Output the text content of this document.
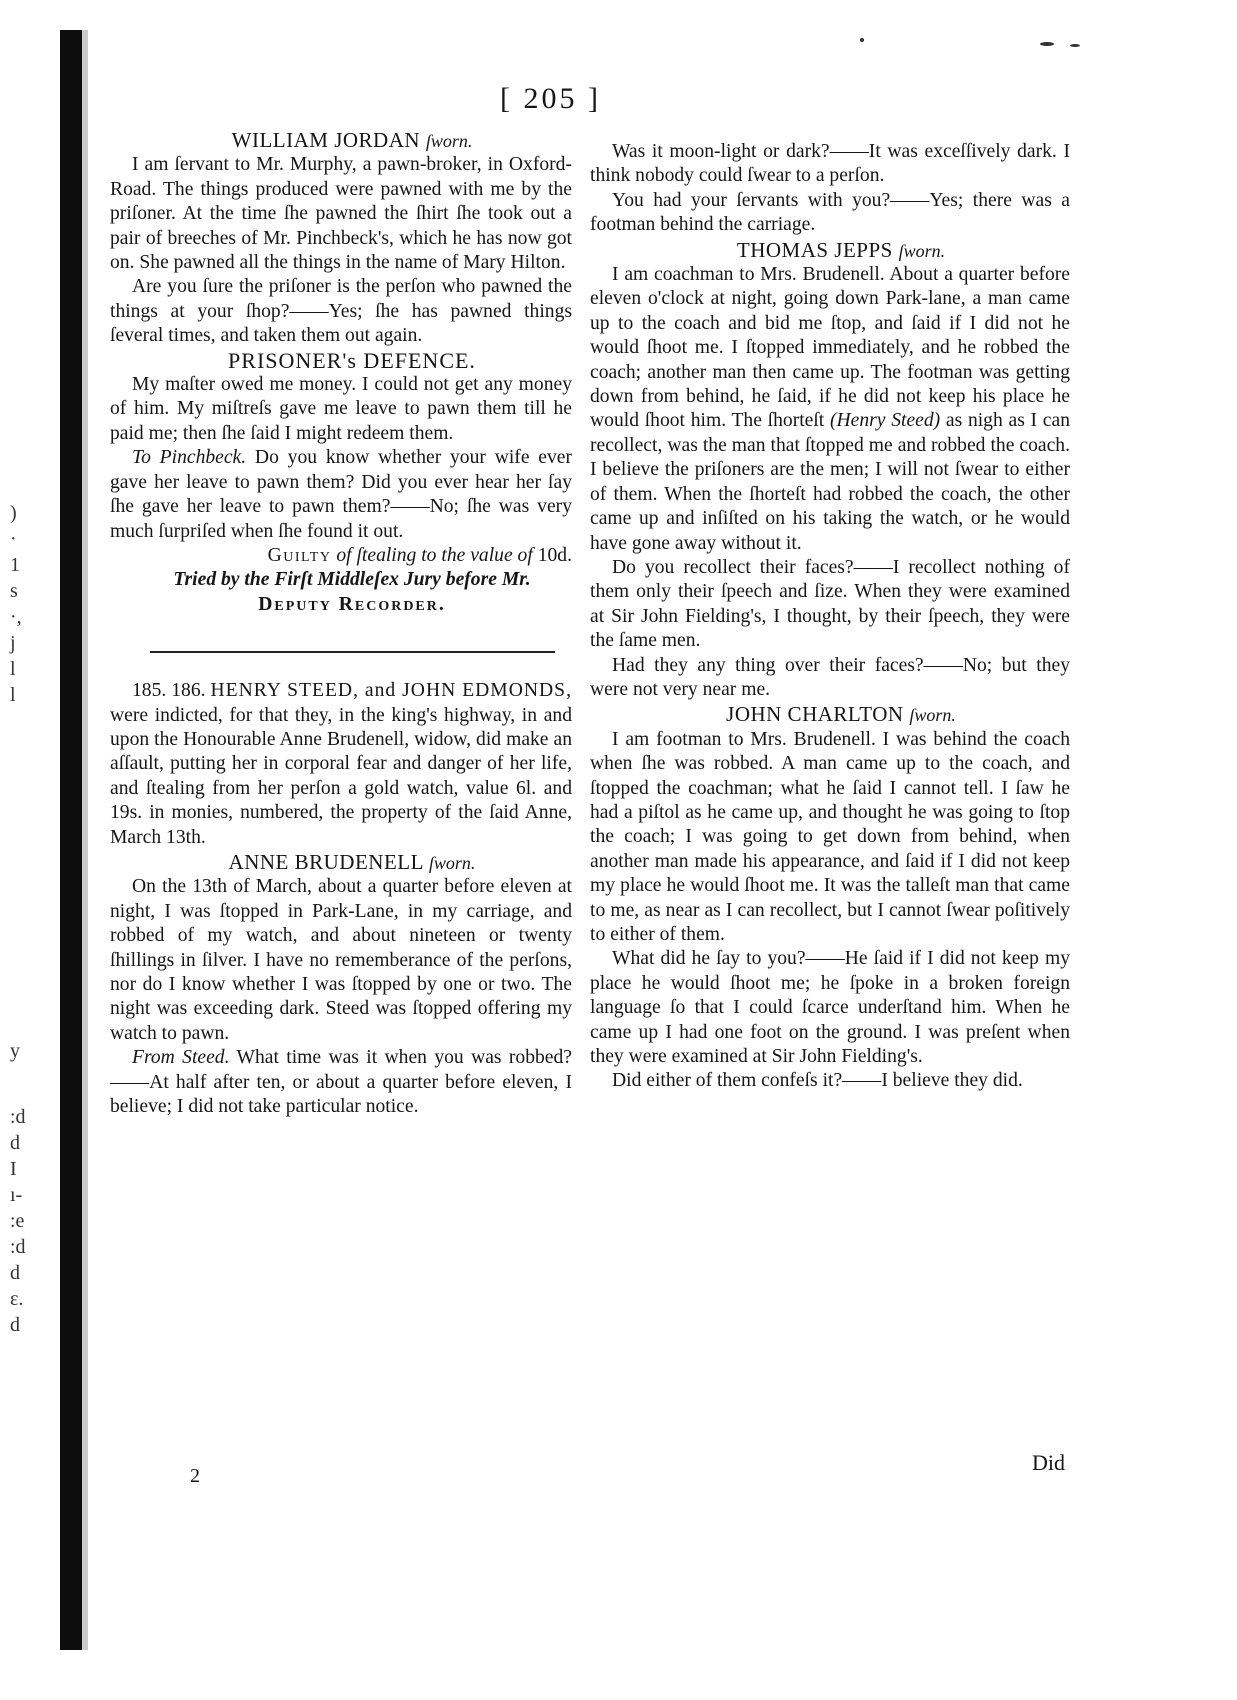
)
·
1
s
·,
j
l
l
y
:d
d
I
ı-
:e
:d
d
ε.
d
[ 205 ]

WILLIAM JORDAN ſworn.

I am ſervant to Mr. Murphy, a pawn-broker, in Oxford-Road. The things produced were pawned with me by the priſoner. At the time ſhe pawned the ſhirt ſhe took out a pair of breeches of Mr. Pinchbeck's, which he has now got on. She pawned all the things in the name of Mary Hilton.

Are you ſure the priſoner is the perſon who pawned the things at your ſhop?——Yes; ſhe has pawned things ſeveral times, and taken them out again.

PRISONER's DEFENCE.

My maſter owed me money. I could not get any money of him. My miſtreſs gave me leave to pawn them till he paid me; then ſhe ſaid I might redeem them.

To Pinchbeck. Do you know whether your wife ever gave her leave to pawn them? Did you ever hear her ſay ſhe gave her leave to pawn them?——No; ſhe was very much ſurpriſed when ſhe found it out.

Guilty of ſtealing to the value of 10d.

Tried by the Firſt Middleſex Jury before Mr.
Deputy Recorder.

185. 186. HENRY STEED, and JOHN EDMONDS, were indicted, for that they, in the king's highway, in and upon the Honourable Anne Brudenell, widow, did make an aſſault, putting her in corporal fear and danger of her life, and ſtealing from her perſon a gold watch, value 6l. and 19s. in monies, numbered, the property of the ſaid Anne, March 13th.

ANNE BRUDENELL ſworn.

On the 13th of March, about a quarter before eleven at night, I was ſtopped in Park-Lane, in my carriage, and robbed of my watch, and about nineteen or twenty ſhillings in ſilver. I have no rememberance of the perſons, nor do I know whether I was ſtopped by one or two. The night was exceeding dark. Steed was ſtopped offering my watch to pawn.

From Steed. What time was it when you was robbed?——At half after ten, or about a quarter before eleven, I believe; I did not take particular notice.

Was it moon-light or dark?——It was exceſſively dark. I think nobody could ſwear to a perſon.

You had your ſervants with you?——Yes; there was a footman behind the carriage.

THOMAS JEPPS ſworn.

I am coachman to Mrs. Brudenell. About a quarter before eleven o'clock at night, going down Park-lane, a man came up to the coach and bid me ſtop, and ſaid if I did not he would ſhoot me. I ſtopped immediately, and he robbed the coach; another man then came up. The footman was getting down from behind, he ſaid, if he did not keep his place he would ſhoot him. The ſhorteſt (Henry Steed) as nigh as I can recollect, was the man that ſtopped me and robbed the coach. I believe the priſoners are the men; I will not ſwear to either of them. When the ſhorteſt had robbed the coach, the other came up and inſiſted on his taking the watch, or he would have gone away without it.

Do you recollect their faces?——I recollect nothing of them only their ſpeech and ſize. When they were examined at Sir John Fielding's, I thought, by their ſpeech, they were the ſame men.

Had they any thing over their faces?——No; but they were not very near me.

JOHN CHARLTON ſworn.

I am footman to Mrs. Brudenell. I was behind the coach when ſhe was robbed. A man came up to the coach, and ſtopped the coachman; what he ſaid I cannot tell. I ſaw he had a piſtol as he came up, and thought he was going to ſtop the coach; I was going to get down from behind, when another man made his appearance, and ſaid if I did not keep my place he would ſhoot me. It was the talleſt man that came to me, as near as I can recollect, but I cannot ſwear poſitively to either of them.

What did he ſay to you?——He ſaid if I did not keep my place he would ſhoot me; he ſpoke in a broken foreign language ſo that I could ſcarce underſtand him. When he came up I had one foot on the ground. I was preſent when they were examined at Sir John Fielding's.

Did either of them confeſs it?——I believe they did.

2
Did
